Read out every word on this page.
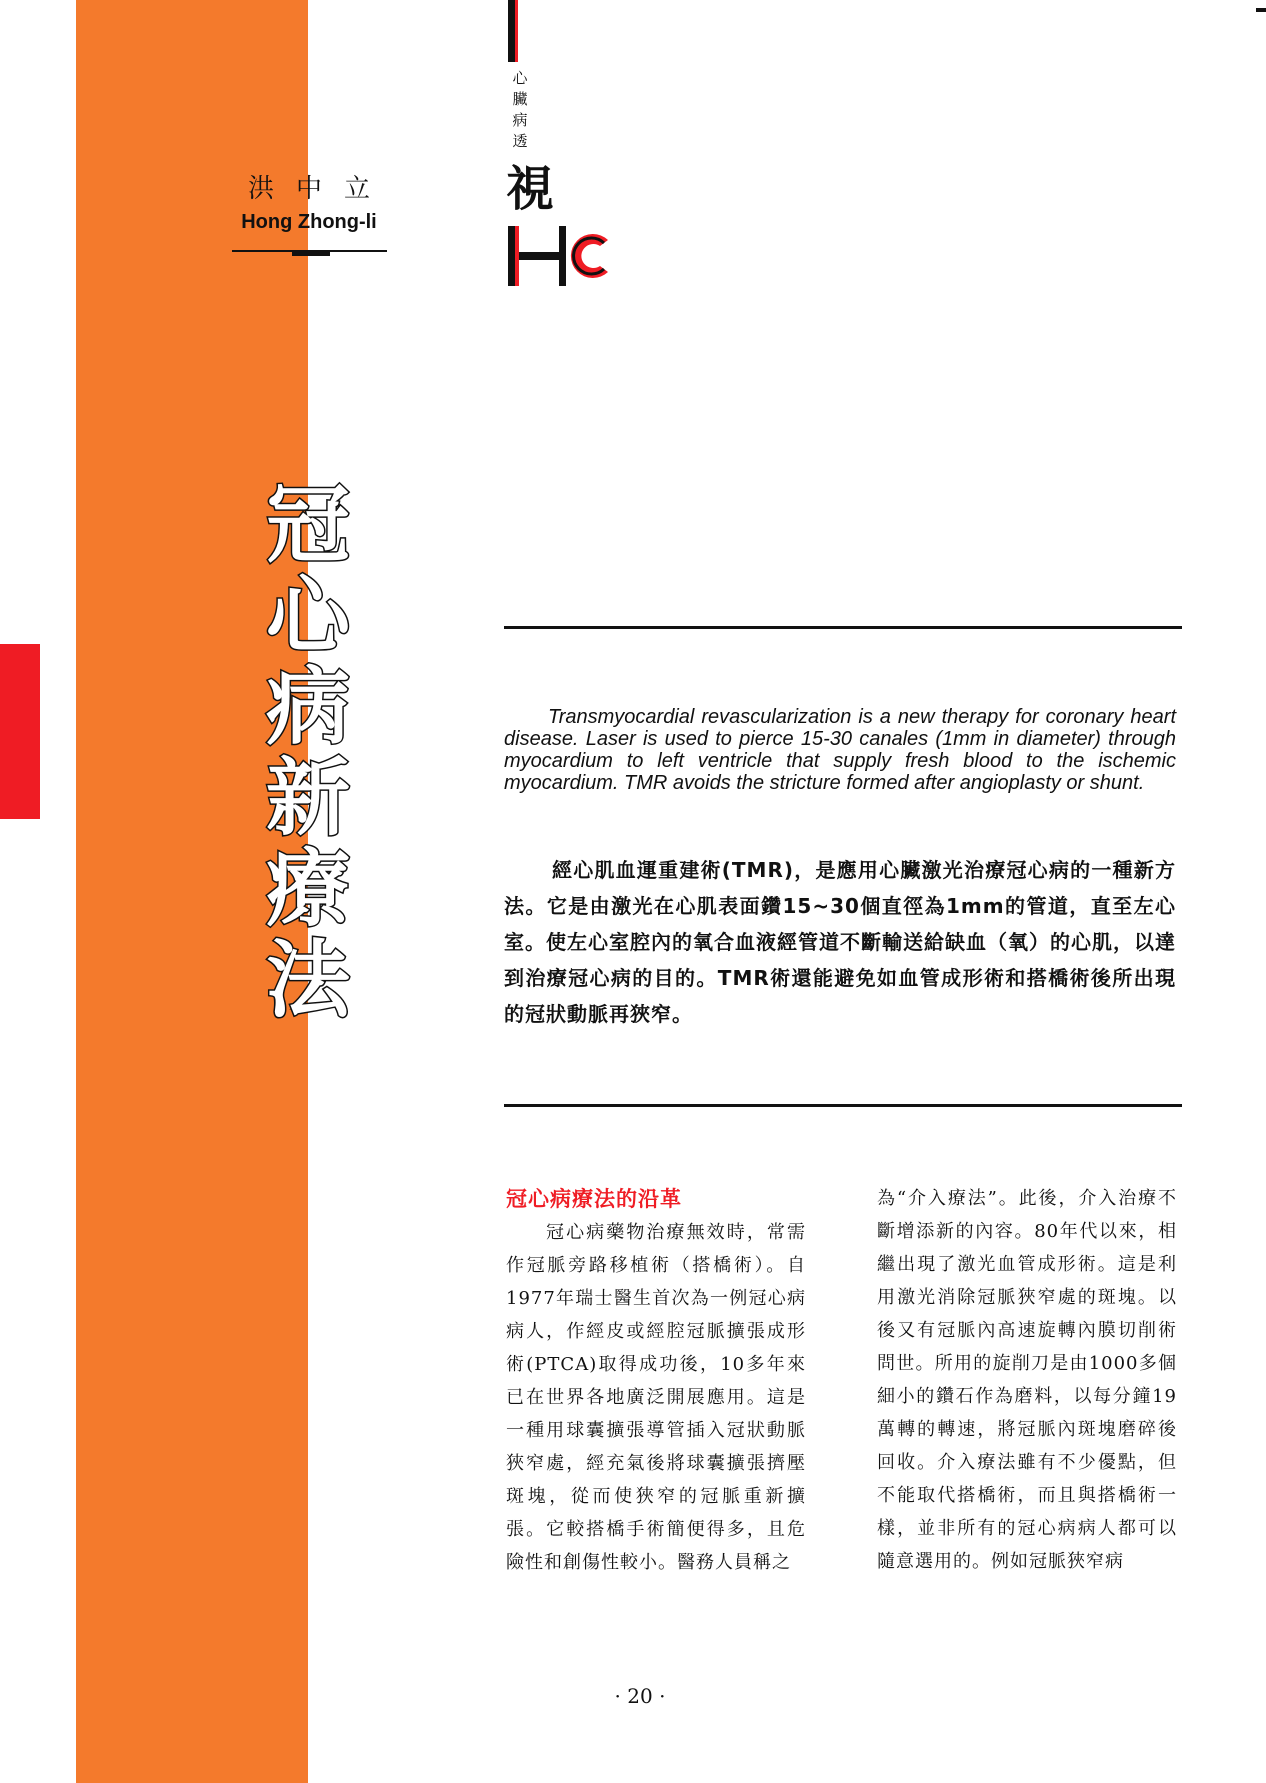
洪中立
Hong Zhong-li
心
臟
病
透
視
冠
心
病
新
療
法

Transmyocardial revascularization is a new therapy for coronary heart disease. Laser is used to pierce 15-30 canales (1mm in diameter) through myocardium to left ventricle that supply fresh blood to the ischemic myocardium. TMR avoids the stricture formed after angioplasty or shunt.

經心肌血運重建術(TMR)，是應用心臟激光治療冠心病的一種新方法。它是由激光在心肌表面鑽15~30個直徑為1mm的管道，直至左心室。使左心室腔內的氧合血液經管道不斷輸送給缺血（氧）的心肌，以達到治療冠心病的目的。TMR術還能避免如血管成形術和搭橋術後所出現的冠狀動脈再狹窄。

冠心病療法的沿革
冠心病藥物治療無效時，常需作冠脈旁路移植術（搭橋術）。自1977年瑞士醫生首次為一例冠心病病人，作經皮或經腔冠脈擴張成形術(PTCA)取得成功後，10多年來已在世界各地廣泛開展應用。這是一種用球囊擴張導管插入冠狀動脈狹窄處，經充氣後將球囊擴張擠壓斑塊，從而使狹窄的冠脈重新擴張。它較搭橋手術簡便得多，且危險性和創傷性較小。醫務人員稱之
為“介入療法”。此後，介入治療不斷增添新的內容。80年代以來，相繼出現了激光血管成形術。這是利用激光消除冠脈狹窄處的斑塊。以後又有冠脈內高速旋轉內膜切削術問世。所用的旋削刀是由1000多個細小的鑽石作為磨料，以每分鐘19萬轉的轉速，將冠脈內斑塊磨碎後回收。介入療法雖有不少優點，但不能取代搭橋術，而且與搭橋術一樣，並非所有的冠心病病人都可以隨意選用的。例如冠脈狹窄病
· 20 ·
